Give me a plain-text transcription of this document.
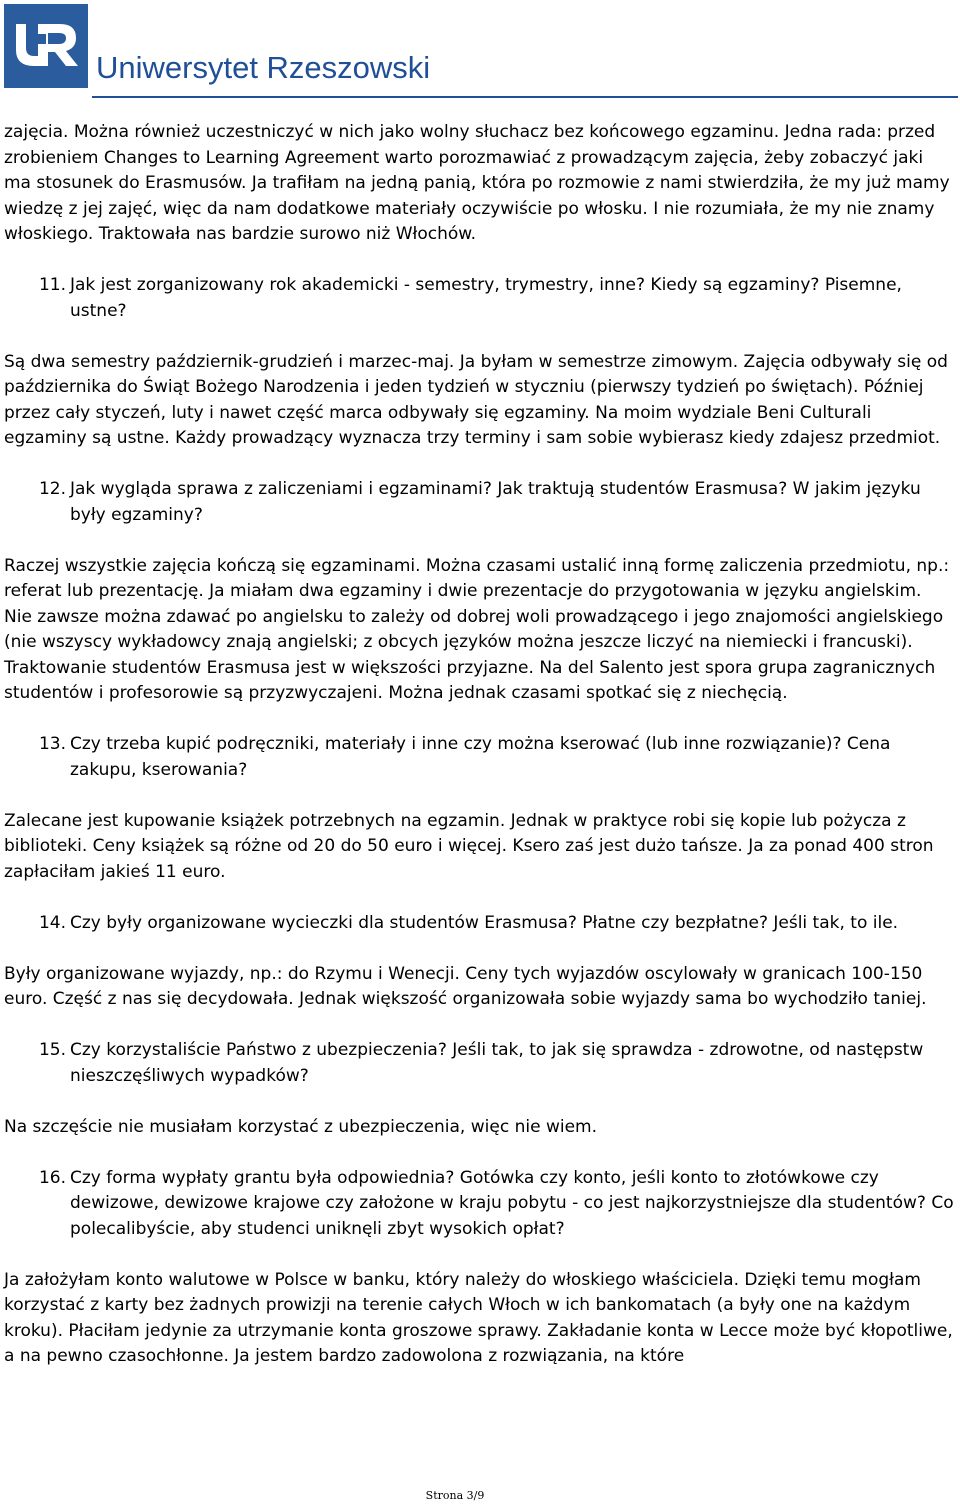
Uniwersytet Rzeszowski

zajęcia. Można również uczestniczyć w nich jako wolny słuchacz bez końcowego egzaminu. Jedna rada: przed zrobieniem Changes to Learning Agreement warto porozmawiać z prowadzącym zajęcia, żeby zobaczyć jaki ma stosunek do Erasmusów. Ja trafiłam na jedną panią, która po rozmowie z nami stwierdziła, że my już mamy wiedzę z jej zajęć, więc da nam dodatkowe materiały oczywiście po włosku. I nie rozumiała, że my nie znamy włoskiego. Traktowała nas bardzie surowo niż Włochów.

11. Jak jest zorganizowany rok akademicki - semestry, trymestry, inne? Kiedy są egzaminy? Pisemne, ustne?

Są dwa semestry październik-grudzień i marzec-maj. Ja byłam w semestrze zimowym. Zajęcia odbywały się od października do Świąt Bożego Narodzenia i jeden tydzień w styczniu (pierwszy tydzień po świętach). Później przez cały styczeń, luty i nawet część marca odbywały się egzaminy. Na moim wydziale Beni Culturali egzaminy są ustne. Każdy prowadzący wyznacza trzy terminy i sam sobie wybierasz kiedy zdajesz przedmiot.

12. Jak wygląda sprawa z zaliczeniami i egzaminami? Jak traktują studentów Erasmusa? W jakim języku były egzaminy?

Raczej wszystkie zajęcia kończą się egzaminami. Można czasami ustalić inną formę zaliczenia przedmiotu, np.: referat lub prezentację. Ja miałam dwa egzaminy i dwie prezentacje do przygotowania w języku angielskim. Nie zawsze można zdawać po angielsku to zależy od dobrej woli prowadzącego i jego znajomości angielskiego (nie wszyscy wykładowcy znają angielski; z obcych języków można jeszcze liczyć na niemiecki i francuski). Traktowanie studentów Erasmusa jest w większości przyjazne. Na del Salento jest spora grupa zagranicznych studentów i profesorowie są przyzwyczajeni. Można jednak czasami spotkać się z niechęcią.

13. Czy trzeba kupić podręczniki, materiały i inne czy można kserować (lub inne rozwiązanie)? Cena zakupu, kserowania?

Zalecane jest kupowanie książek potrzebnych na egzamin. Jednak w praktyce robi się kopie lub pożycza z biblioteki. Ceny książek są różne od 20 do 50 euro i więcej. Ksero zaś jest dużo tańsze. Ja za ponad 400 stron zapłaciłam jakieś 11 euro.

14. Czy były organizowane wycieczki dla studentów Erasmusa? Płatne czy bezpłatne? Jeśli tak, to ile.

Były organizowane wyjazdy, np.: do Rzymu i Wenecji. Ceny tych wyjazdów oscylowały w granicach 100-150 euro. Część z nas się decydowała. Jednak większość organizowała sobie wyjazdy sama bo wychodziło taniej.

15. Czy korzystaliście Państwo z ubezpieczenia? Jeśli tak, to jak się sprawdza - zdrowotne, od następstw nieszczęśliwych wypadków?

Na szczęście nie musiałam korzystać z ubezpieczenia, więc nie wiem.

16. Czy forma wypłaty grantu była odpowiednia? Gotówka czy konto, jeśli konto to złotówkowe czy dewizowe, dewizowe krajowe czy założone w kraju pobytu - co jest najkorzystniejsze dla studentów? Co polecalibyście, aby studenci uniknęli zbyt wysokich opłat?

Ja założyłam konto walutowe w Polsce w banku, który należy do włoskiego właściciela. Dzięki temu mogłam korzystać z karty bez żadnych prowizji na terenie całych Włoch w ich bankomatach (a były one na każdym kroku). Płaciłam jedynie za utrzymanie konta groszowe sprawy. Zakładanie konta w Lecce może być kłopotliwe, a na pewno czasochłonne. Ja jestem bardzo zadowolona z rozwiązania, na które

Strona 3/9
